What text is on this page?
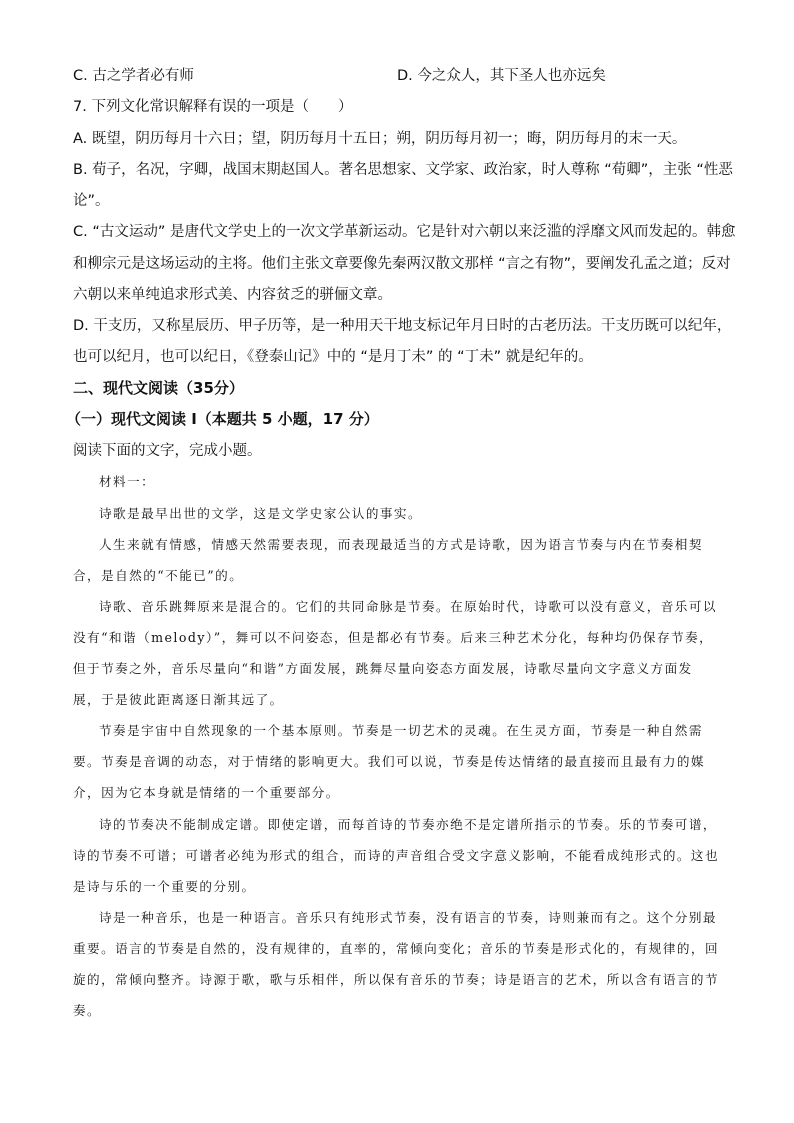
C. 古之学者必有师	D. 今之众人，其下圣人也亦远矣
7. 下列文化常识解释有误的一项是（　　）
A. 既望，阴历每月十六日；望，阴历每月十五日；朔，阴历每月初一；晦，阴历每月的末一天。
B. 荀子，名况，字卿，战国末期赵国人。著名思想家、文学家、政治家，时人尊称 “荀卿”，主张 “性恶
论”。
C. “古文运动” 是唐代文学史上的一次文学革新运动。它是针对六朝以来泛滥的浮靡文风而发起的。韩愈
和柳宗元是这场运动的主将。他们主张文章要像先秦两汉散文那样 “言之有物”，要阐发孔孟之道；反对
六朝以来单纯追求形式美、内容贫乏的骈俪文章。
D. 干支历，又称星辰历、甲子历等，是一种用天干地支标记年月日时的古老历法。干支历既可以纪年，
也可以纪月，也可以纪日，《登泰山记》中的 “是月丁未” 的 “丁未” 就是纪年的。
二、现代文阅读（35分）
（一）现代文阅读 I（本题共 5 小题，17 分）
阅读下面的文字，完成小题。
材料一：
诗歌是最早出世的文学，这是文学史家公认的事实。
人生来就有情感，情感天然需要表现，而表现最适当的方式是诗歌，因为语言节奏与内在节奏相契
合，是自然的“不能已”的。
诗歌、音乐跳舞原来是混合的。它们的共同命脉是节奏。在原始时代，诗歌可以没有意义，音乐可以
没有“和谐（melody）”，舞可以不问姿态，但是都必有节奏。后来三种艺术分化，每种均仍保存节奏，
但于节奏之外，音乐尽量向“和谐”方面发展，跳舞尽量向姿态方面发展，诗歌尽量向文字意义方面发
展，于是彼此距离逐日渐其远了。
节奏是宇宙中自然现象的一个基本原则。节奏是一切艺术的灵魂。在生灵方面，节奏是一种自然需
要。节奏是音调的动态，对于情绪的影响更大。我们可以说，节奏是传达情绪的最直接而且最有力的媒
介，因为它本身就是情绪的一个重要部分。
诗的节奏决不能制成定谱。即使定谱，而每首诗的节奏亦绝不是定谱所指示的节奏。乐的节奏可谱，
诗的节奏不可谱；可谱者必纯为形式的组合，而诗的声音组合受文字意义影响，不能看成纯形式的。这也
是诗与乐的一个重要的分别。
诗是一种音乐，也是一种语言。音乐只有纯形式节奏，没有语言的节奏，诗则兼而有之。这个分别最
重要。语言的节奏是自然的，没有规律的，直率的，常倾向变化；音乐的节奏是形式化的，有规律的，回
旋的，常倾向整齐。诗源于歌，歌与乐相伴，所以保有音乐的节奏；诗是语言的艺术，所以含有语言的节
奏。
